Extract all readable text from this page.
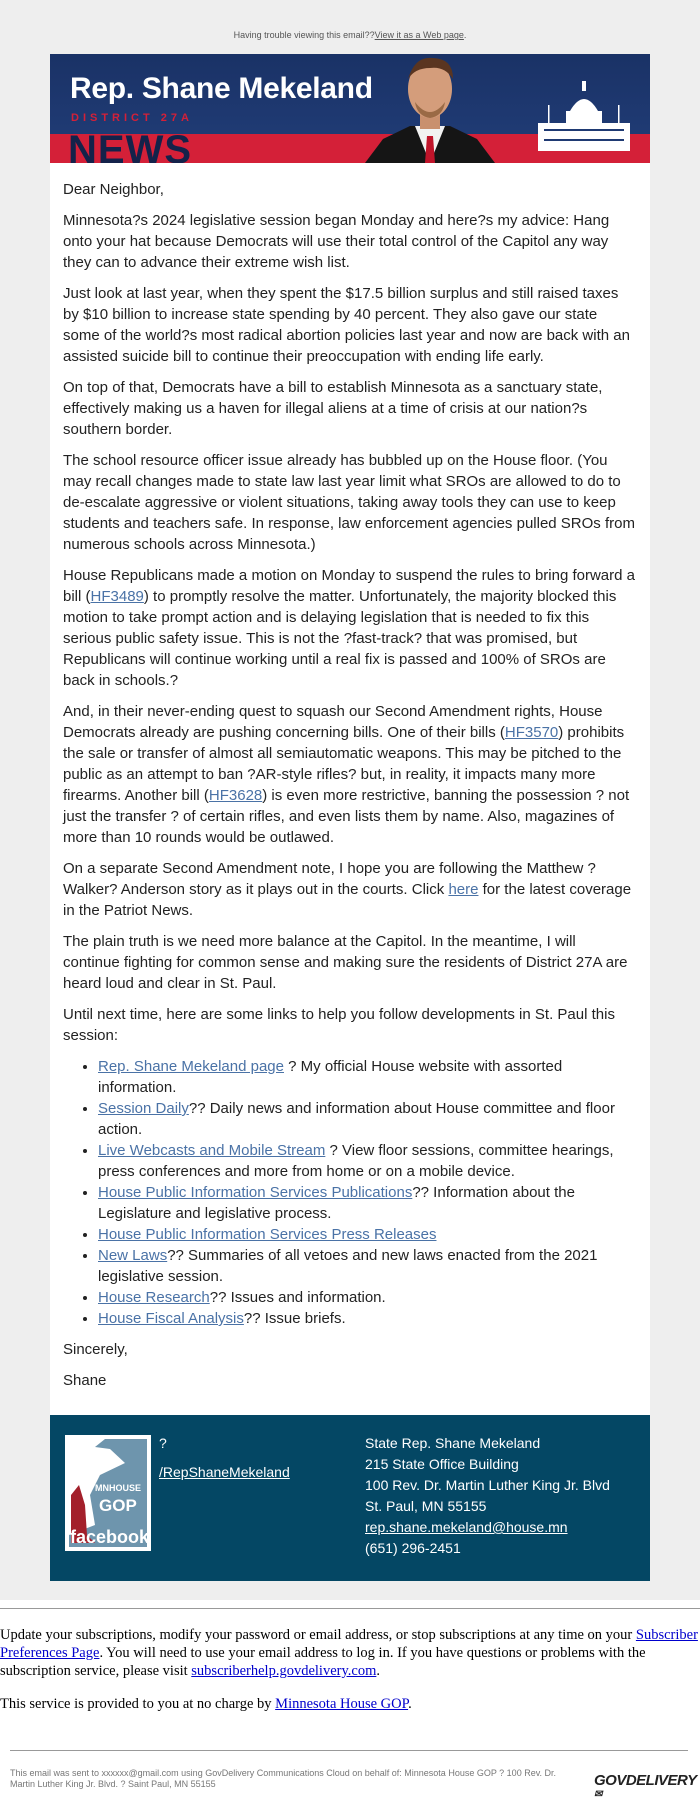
Having trouble viewing this email??View it as a Web page.
Rep. Shane Mekeland
DISTRICT 27A
NEWS

Dear Neighbor,

Minnesota?s 2024 legislative session began Monday and here?s my advice: Hang onto your hat because Democrats will use their total control of the Capitol any way they can to advance their extreme wish list.

Just look at last year, when they spent the $17.5 billion surplus and still raised taxes by $10 billion to increase state spending by 40 percent. They also gave our state some of the world?s most radical abortion policies last year and now are back with an assisted suicide bill to continue their preoccupation with ending life early.

On top of that, Democrats have a bill to establish Minnesota as a sanctuary state, effectively making us a haven for illegal aliens at a time of crisis at our nation?s southern border.

The school resource officer issue already has bubbled up on the House floor. (You may recall changes made to state law last year limit what SROs are allowed to do to de-escalate aggressive or violent situations, taking away tools they can use to keep students and teachers safe. In response, law enforcement agencies pulled SROs from numerous schools across Minnesota.)

House Republicans made a motion on Monday to suspend the rules to bring forward a bill (HF3489) to promptly resolve the matter. Unfortunately, the majority blocked this motion to take prompt action and is delaying legislation that is needed to fix this serious public safety issue. This is not the ?fast-track? that was promised, but Republicans will continue working until a real fix is passed and 100% of SROs are back in schools.?

And, in their never-ending quest to squash our Second Amendment rights, House Democrats already are pushing concerning bills. One of their bills (HF3570) prohibits the sale or transfer of almost all semiautomatic weapons. This may be pitched to the public as an attempt to ban ?AR-style rifles? but, in reality, it impacts many more firearms. Another bill (HF3628) is even more restrictive, banning the possession ? not just the transfer ? of certain rifles, and even lists them by name. Also, magazines of more than 10 rounds would be outlawed.

On a separate Second Amendment note, I hope you are following the Matthew ?Walker? Anderson story as it plays out in the courts. Click here for the latest coverage in the Patriot News.

The plain truth is we need more balance at the Capitol. In the meantime, I will continue fighting for common sense and making sure the residents of District 27A are heard loud and clear in St. Paul.

Until next time, here are some links to help you follow developments in St. Paul this session:

• Rep. Shane Mekeland page ? My official House website with assorted information.
• Session Daily?? Daily news and information about House committee and floor action.
• Live Webcasts and Mobile Stream ? View floor sessions, committee hearings, press conferences and more from home or on a mobile device.
• House Public Information Services Publications?? Information about the Legislature and legislative process.
• House Public Information Services Press Releases
• New Laws?? Summaries of all vetoes and new laws enacted from the 2021 legislative session.
• House Research?? Issues and information.
• House Fiscal Analysis?? Issue briefs.

Sincerely,

Shane

MNHOUSE
GOP
facebook
?
/RepShaneMekeland
State Rep. Shane Mekeland
215 State Office Building
100 Rev. Dr. Martin Luther King Jr. Blvd
St. Paul, MN 55155
rep.shane.mekeland@house.mn
(651) 296-2451

Update your subscriptions, modify your password or email address, or stop subscriptions at any time on your Subscriber Preferences Page. You will need to use your email address to log in. If you have questions or problems with the subscription service, please visit subscriberhelp.govdelivery.com.

This service is provided to you at no charge by Minnesota House GOP.

This email was sent to xxxxxx@gmail.com using GovDelivery Communications Cloud on behalf of: Minnesota House GOP ? 100 Rev. Dr. Martin Luther King Jr. Blvd. ? Saint Paul, MN 55155	GOVDELIVERY✉
